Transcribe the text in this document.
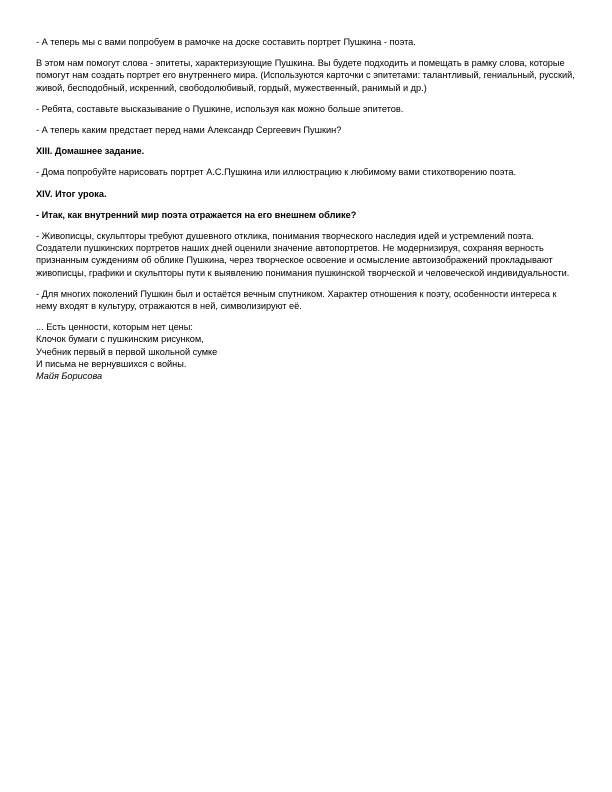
- А теперь мы с вами попробуем в рамочке на доске составить портрет Пушкина - поэта.

В этом нам помогут слова - эпитеты, характеризующие Пушкина. Вы будете подходить и помещать в рамку слова, которые помогут нам создать портрет его внутреннего мира. (Используются карточки с эпитетами: талантливый, гениальный, русский, живой, бесподобный, искренний, свободолюбивый, гордый, мужественный, ранимый и др.)

- Ребята, составьте высказывание о Пушкине, используя как можно больше эпитетов.

- А теперь каким предстает перед нами Александр Сергеевич Пушкин?

XIII. Домашнее задание.

- Дома попробуйте нарисовать портрет А.С.Пушкина или иллюстрацию к любимому вами стихотворению поэта.

XIV. Итог урока.

- Итак, как внутренний мир поэта отражается на его внешнем облике?

- Живописцы, скульпторы требуют душевного отклика, понимания творческого наследия идей и устремлений поэта. Создатели пушкинских портретов наших дней оценили значение автопортретов. Не модернизируя, сохраняя верность признанным суждениям об облике Пушкина, через творческое освоение и осмысление автоизображений прокладывают живописцы, графики и скульпторы пути к выявлению понимания пушкинской творческой и человеческой индивидуальности.

- Для многих поколений Пушкин был и остаётся вечным спутником. Характер отношения к поэту, особенности интереса к нему входят в культуру, отражаются в ней, символизируют её.

... Есть ценности, которым нет цены:
Клочок бумаги с пушкинским рисунком,
Учебник первый в первой школьной сумке
И письма не вернувшихся с войны.
Майя Борисова
